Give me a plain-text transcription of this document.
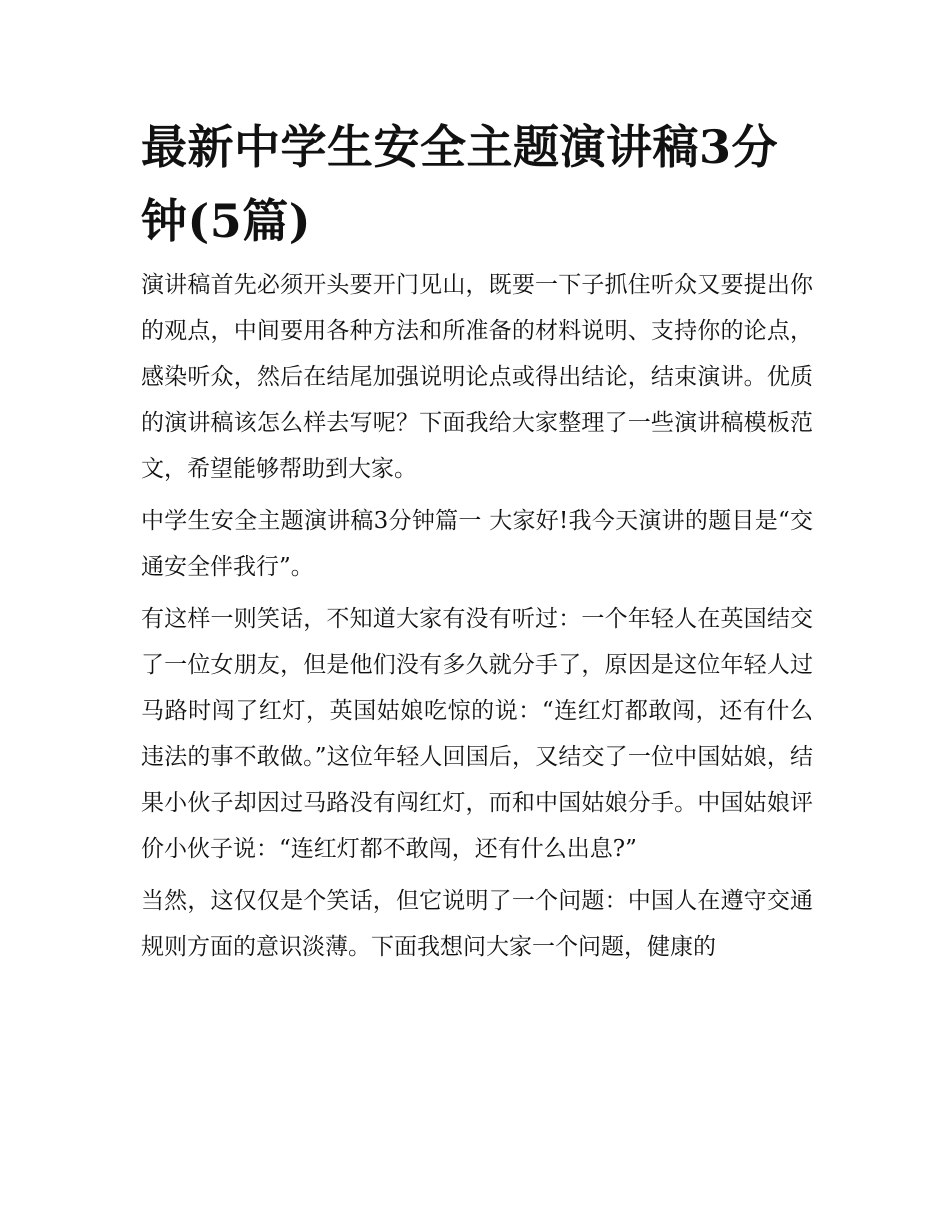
最新中学生安全主题演讲稿3分钟(5篇)

演讲稿首先必须开头要开门见山，既要一下子抓住听众又要提出你的观点，中间要用各种方法和所准备的材料说明、支持你的论点，感染听众，然后在结尾加强说明论点或得出结论，结束演讲。优质的演讲稿该怎么样去写呢？下面我给大家整理了一些演讲稿模板范文，希望能够帮助到大家。

中学生安全主题演讲稿3分钟篇一 大家好!我今天演讲的题目是“交通安全伴我行”。

有这样一则笑话，不知道大家有没有听过：一个年轻人在英国结交了一位女朋友，但是他们没有多久就分手了，原因是这位年轻人过马路时闯了红灯，英国姑娘吃惊的说：“连红灯都敢闯，还有什么违法的事不敢做。”这位年轻人回国后，又结交了一位中国姑娘，结果小伙子却因过马路没有闯红灯，而和中国姑娘分手。中国姑娘评价小伙子说：“连红灯都不敢闯，还有什么出息?”

当然，这仅仅是个笑话，但它说明了一个问题：中国人在遵守交通规则方面的意识淡薄。下面我想问大家一个问题，健康的
